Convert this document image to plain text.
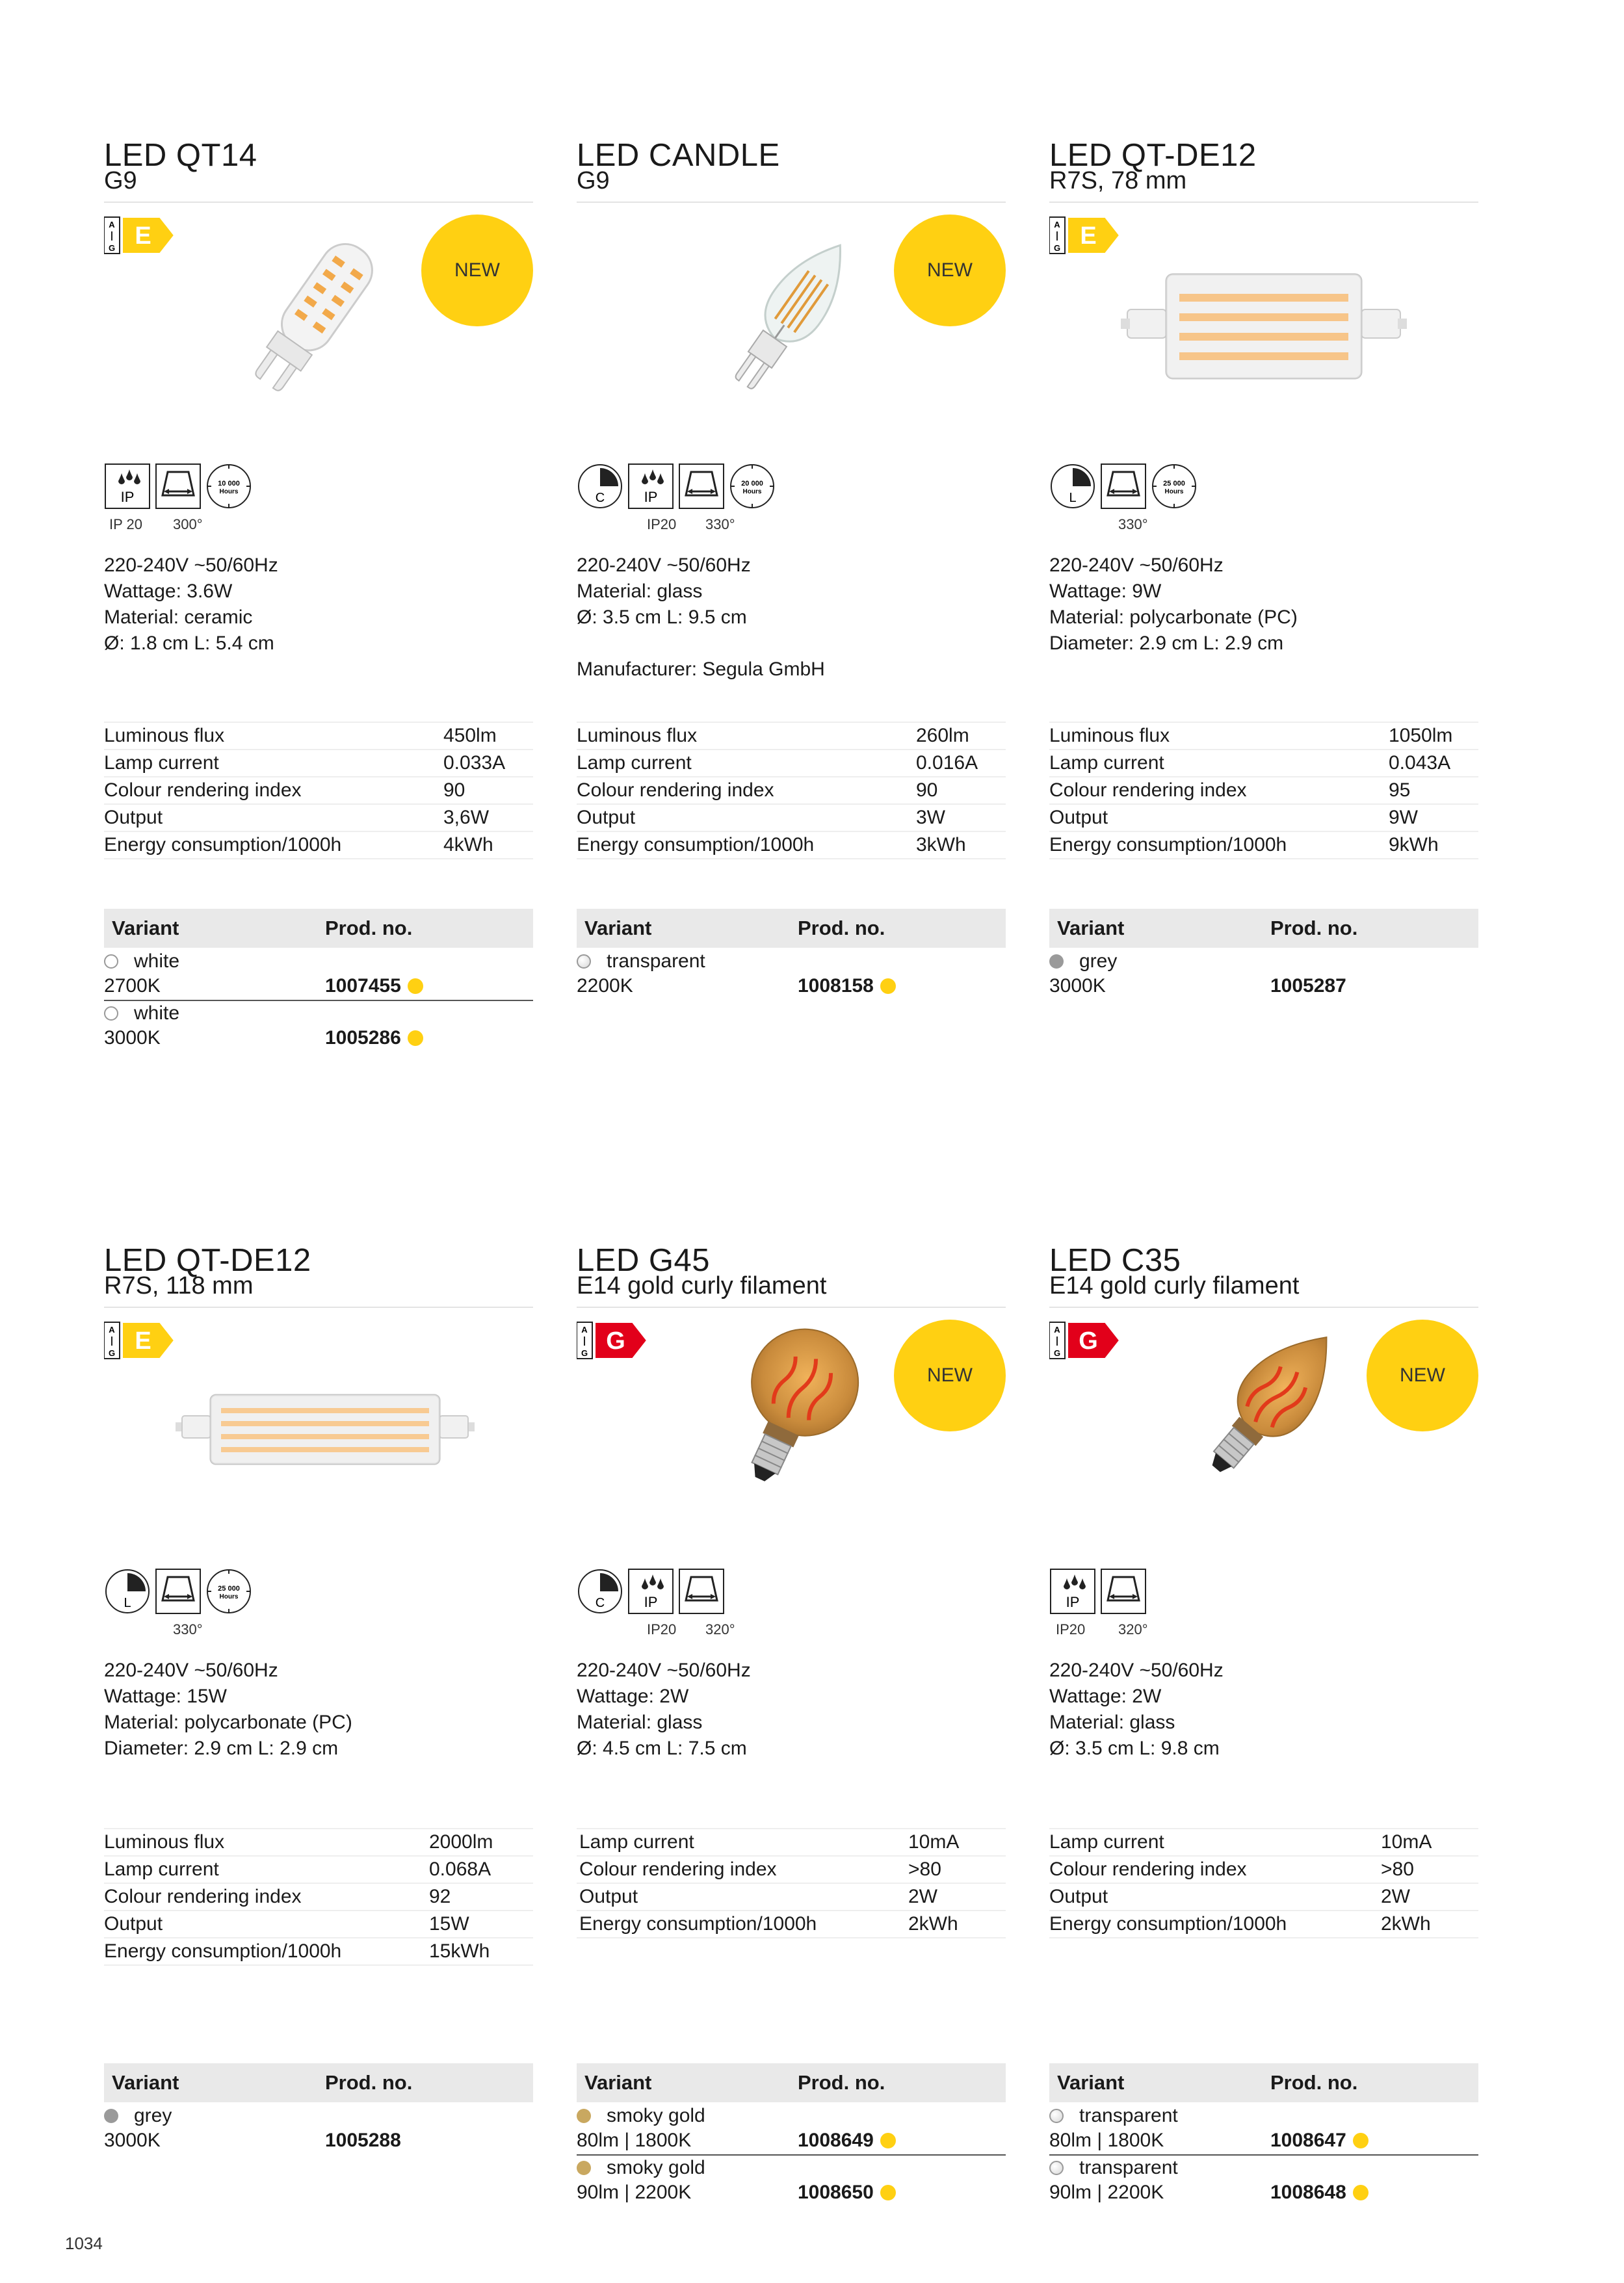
LED QT14
G9
A
G E
NEW
IP
10 000
Hours
IP 20 300°
220-240V ~50/60Hz
Wattage: 3.6W
Material: ceramic
Ø: 1.8 cm L: 5.4 cm
Luminous flux	450lm
Lamp current	0.033A
Colour rendering index	90
Output	3,6W
Energy consumption/1000h	4kWh
Variant	Prod. no.
white
2700K	1007455
white
3000K	1005286
LED CANDLE
G9
NEW
C	IP
20 000
Hours
IP20 330°
220-240V ~50/60Hz
Material: glass
Ø: 3.5 cm L: 9.5 cm
Manufacturer: Segula GmbH
Luminous flux	260lm
Lamp current	0.016A
Colour rendering index	90
Output	3W
Energy consumption/1000h	3kWh
Variant	Prod. no.
transparent
2200K	1008158
LED QT-DE12
R7S, 78 mm
A
G E
L
25 000
Hours
330°
220-240V ~50/60Hz
Wattage: 9W
Material: polycarbonate (PC)
Diameter: 2.9 cm L: 2.9 cm
Luminous flux	1050lm
Lamp current	0.043A
Colour rendering index	95
Output	9W
Energy consumption/1000h	9kWh
Variant	Prod. no.
grey
3000K	1005287
LED QT-DE12
R7S, 118 mm
A
G E
L
25 000
Hours
330°
220-240V ~50/60Hz
Wattage: 15W
Material: polycarbonate (PC)
Diameter: 2.9 cm L: 2.9 cm
Luminous flux	2000lm
Lamp current	0.068A
Colour rendering index	92
Output	15W
Energy consumption/1000h	15kWh
Variant	Prod. no.
grey
3000K	1005288
LED G45
E14 gold curly filament
A
G G
NEW
C	IP
IP20 320°
220-240V ~50/60Hz
Wattage: 2W
Material: glass
Ø: 4.5 cm L: 7.5 cm
Lamp current	10mA
Colour rendering index	>80
Output	2W
Energy consumption/1000h	2kWh
Variant	Prod. no.
smoky gold
80lm | 1800K	1008649
smoky gold
90lm | 2200K	1008650
LED C35
E14 gold curly filament
A
G G
NEW
IP
IP20 320°
220-240V ~50/60Hz
Wattage: 2W
Material: glass
Ø: 3.5 cm L: 9.8 cm
Lamp current	10mA
Colour rendering index	>80
Output	2W
Energy consumption/1000h	2kWh
Variant	Prod. no.
transparent
80lm | 1800K	1008647
transparent
90lm | 2200K	1008648
1034
